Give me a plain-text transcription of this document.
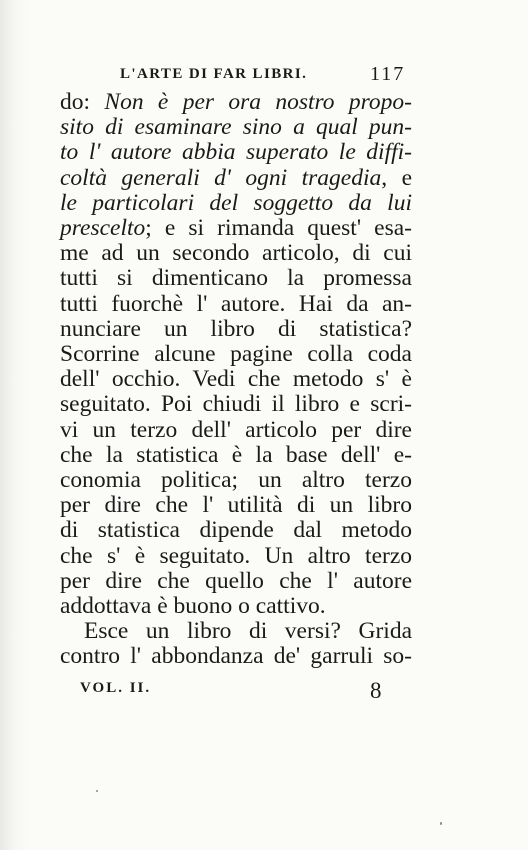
L'ARTE DI FAR LIBRI.	117
do: Non è per ora nostro propo-
sito di esaminare sino a qual pun-
to l' autore abbia superato le diffi-
coltà generali d' ogni tragedia, e
le particolari del soggetto da lui
prescelto; e si rimanda quest' esa-
me ad un secondo articolo, di cui
tutti si dimenticano la promessa
tutti fuorchè l' autore. Hai da an-
nunciare un libro di statistica?
Scorrine alcune pagine colla coda
dell' occhio. Vedi che metodo s' è
seguitato. Poi chiudi il libro e scri-
vi un terzo dell' articolo per dire
che la statistica è la base dell' e-
conomia politica; un altro terzo
per dire che l' utilità di un libro
di statistica dipende dal metodo
che s' è seguitato. Un altro terzo
per dire che quello che l' autore
addottava è buono o cattivo.
Esce un libro di versi? Grida
contro l' abbondanza de' garruli so-
VOL. II.	8
